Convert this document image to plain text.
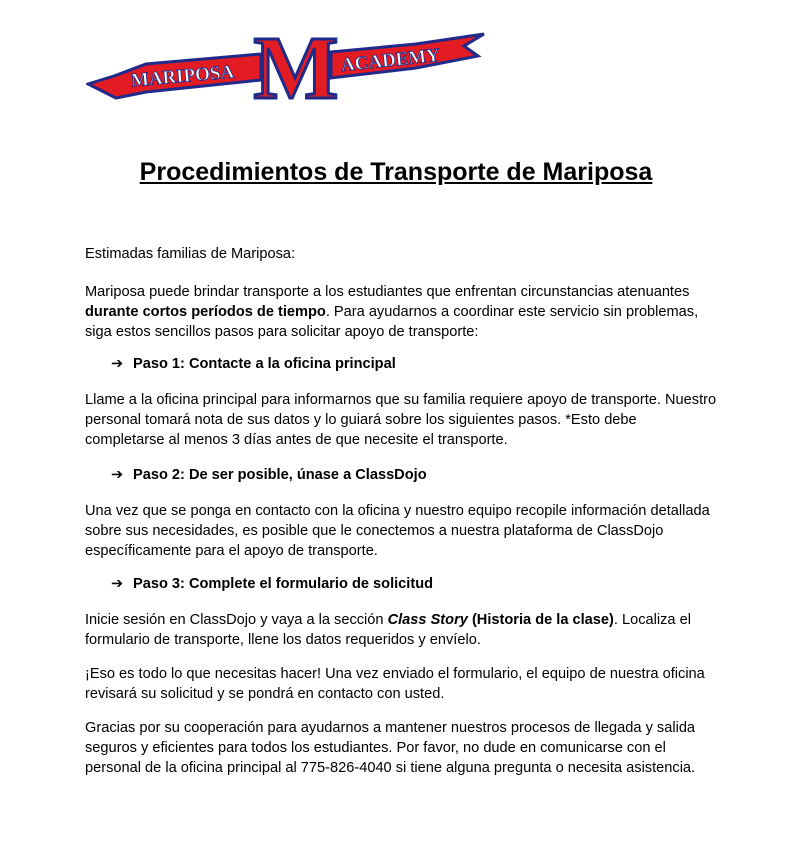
M
MARIPOSA
ACADEMY
Procedimientos de Transporte de Mariposa

Estimadas familias de Mariposa:

Mariposa puede brindar transporte a los estudiantes que enfrentan circunstancias atenuantes durante cortos períodos de tiempo. Para ayudarnos a coordinar este servicio sin problemas, siga estos sencillos pasos para solicitar apoyo de transporte:

➔ Paso 1: Contacte a la oficina principal

Llame a la oficina principal para informarnos que su familia requiere apoyo de transporte. Nuestro personal tomará nota de sus datos y lo guiará sobre los siguientes pasos. *Esto debe completarse al menos 3 días antes de que necesite el transporte.

➔ Paso 2: De ser posible, únase a ClassDojo

Una vez que se ponga en contacto con la oficina y nuestro equipo recopile información detallada sobre sus necesidades, es posible que le conectemos a nuestra plataforma de ClassDojo específicamente para el apoyo de transporte.

➔ Paso 3: Complete el formulario de solicitud

Inicie sesión en ClassDojo y vaya a la sección Class Story (Historia de la clase). Localiza el formulario de transporte, llene los datos requeridos y envíelo.

¡Eso es todo lo que necesitas hacer! Una vez enviado el formulario, el equipo de nuestra oficina revisará su solicitud y se pondrá en contacto con usted.

Gracias por su cooperación para ayudarnos a mantener nuestros procesos de llegada y salida seguros y eficientes para todos los estudiantes. Por favor, no dude en comunicarse con el personal de la oficina principal al 775-826-4040 si tiene alguna pregunta o necesita asistencia.
